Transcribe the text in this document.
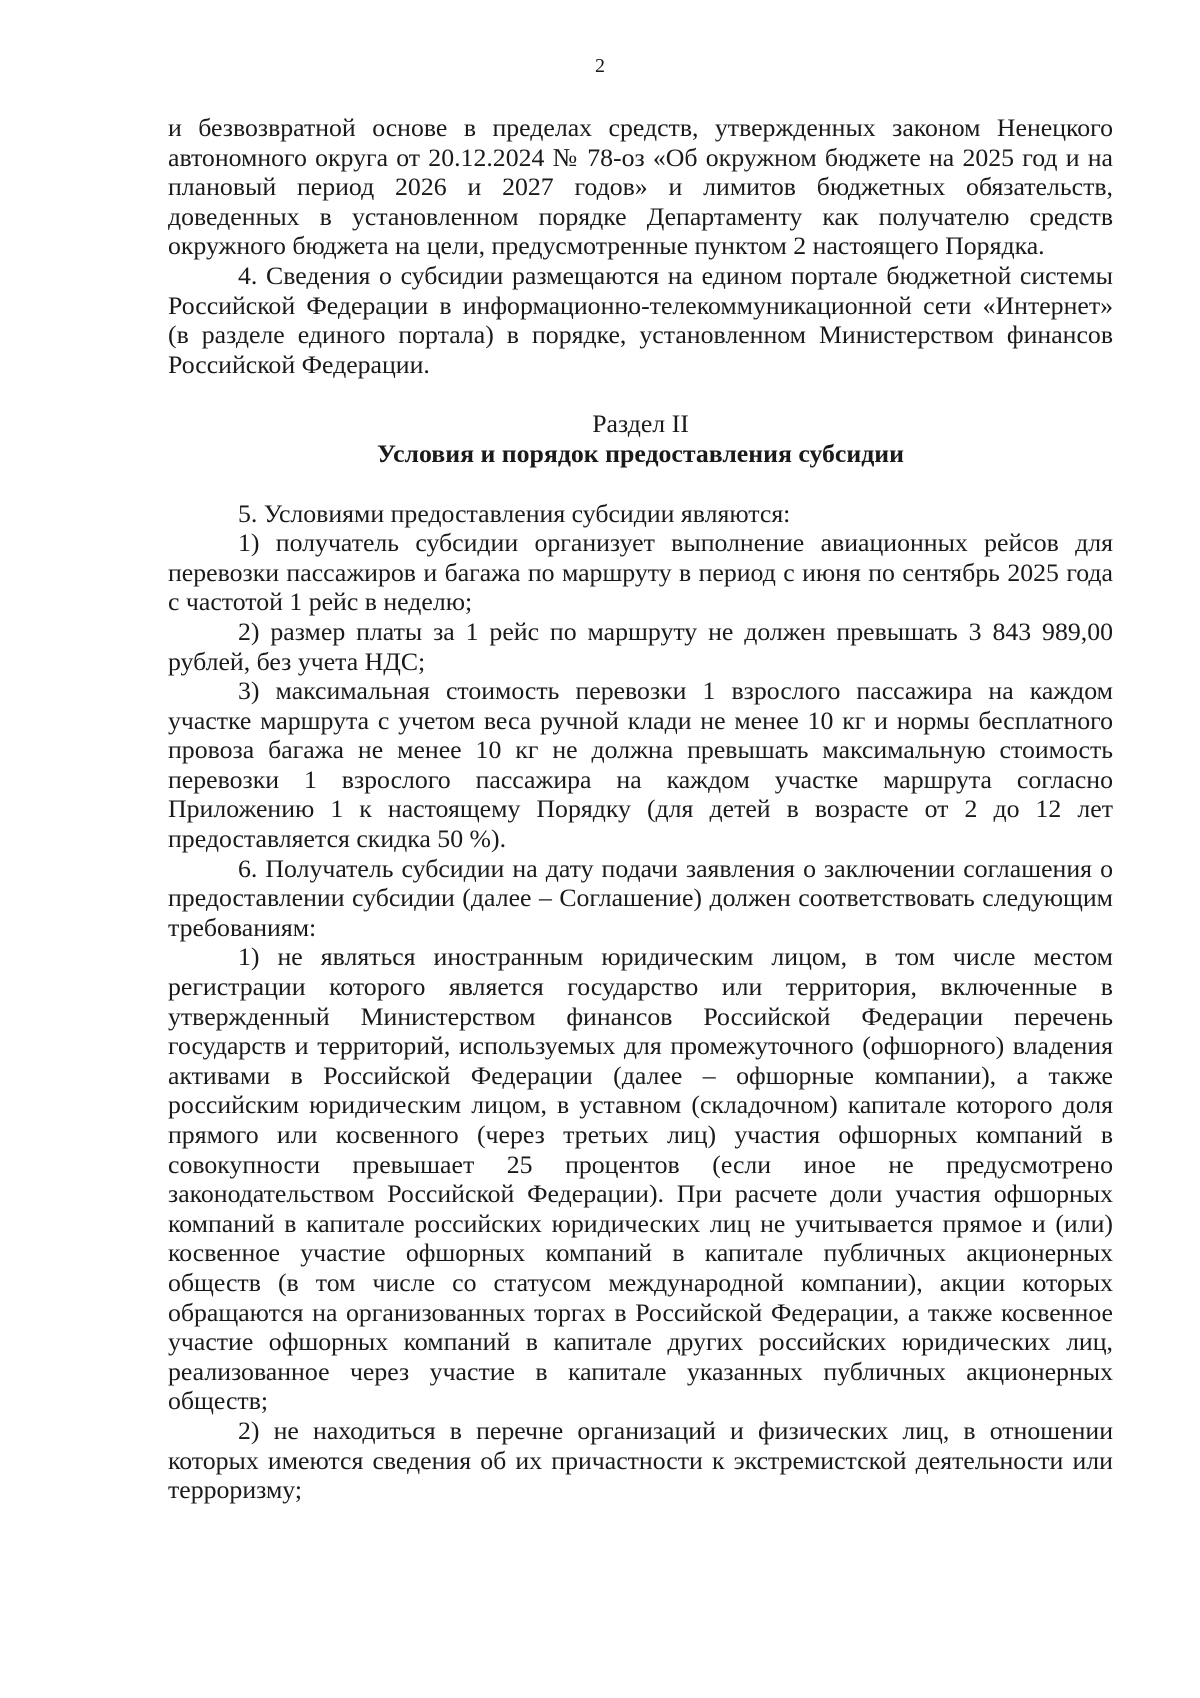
2

и безвозвратной основе в пределах средств, утвержденных законом Ненецкого автономного округа от 20.12.2024 № 78-оз «Об окружном бюджете на 2025 год и на плановый период 2026 и 2027 годов» и лимитов бюджетных обязательств, доведенных в установленном порядке Департаменту как получателю средств окружного бюджета на цели, предусмотренные пунктом 2 настоящего Порядка.

4. Сведения о субсидии размещаются на едином портале бюджетной системы Российской Федерации в информационно-телекоммуникационной сети «Интернет» (в разделе единого портала) в порядке, установленном Министерством финансов Российской Федерации.

Раздел II

Условия и порядок предоставления субсидии

5. Условиями предоставления субсидии являются:

1) получатель субсидии организует выполнение авиационных рейсов для перевозки пассажиров и багажа по маршруту в период с июня по сентябрь 2025 года с частотой 1 рейс в неделю;

2) размер платы за 1 рейс по маршруту не должен превышать 3 843 989,00 рублей, без учета НДС;

3) максимальная стоимость перевозки 1 взрослого пассажира на каждом участке маршрута с учетом веса ручной клади не менее 10 кг и нормы бесплатного провоза багажа не менее 10 кг не должна превышать максимальную стоимость перевозки 1 взрослого пассажира на каждом участке маршрута согласно Приложению 1 к настоящему Порядку (для детей в возрасте от 2 до 12 лет предоставляется скидка 50 %).

6. Получатель субсидии на дату подачи заявления о заключении соглашения о предоставлении субсидии (далее – Соглашение) должен соответствовать следующим требованиям:

1) не являться иностранным юридическим лицом, в том числе местом регистрации которого является государство или территория, включенные в утвержденный Министерством финансов Российской Федерации перечень государств и территорий, используемых для промежуточного (офшорного) владения активами в Российской Федерации (далее – офшорные компании), а также российским юридическим лицом, в уставном (складочном) капитале которого доля прямого или косвенного (через третьих лиц) участия офшорных компаний в совокупности превышает 25 процентов (если иное не предусмотрено законодательством Российской Федерации). При расчете доли участия офшорных компаний в капитале российских юридических лиц не учитывается прямое и (или) косвенное участие офшорных компаний в капитале публичных акционерных обществ (в том числе со статусом международной компании), акции которых обращаются на организованных торгах в Российской Федерации, а также косвенное участие офшорных компаний в капитале других российских юридических лиц, реализованное через участие в капитале указанных публичных акционерных обществ;

2) не находиться в перечне организаций и физических лиц, в отношении которых имеются сведения об их причастности к экстремистской деятельности или терроризму;
